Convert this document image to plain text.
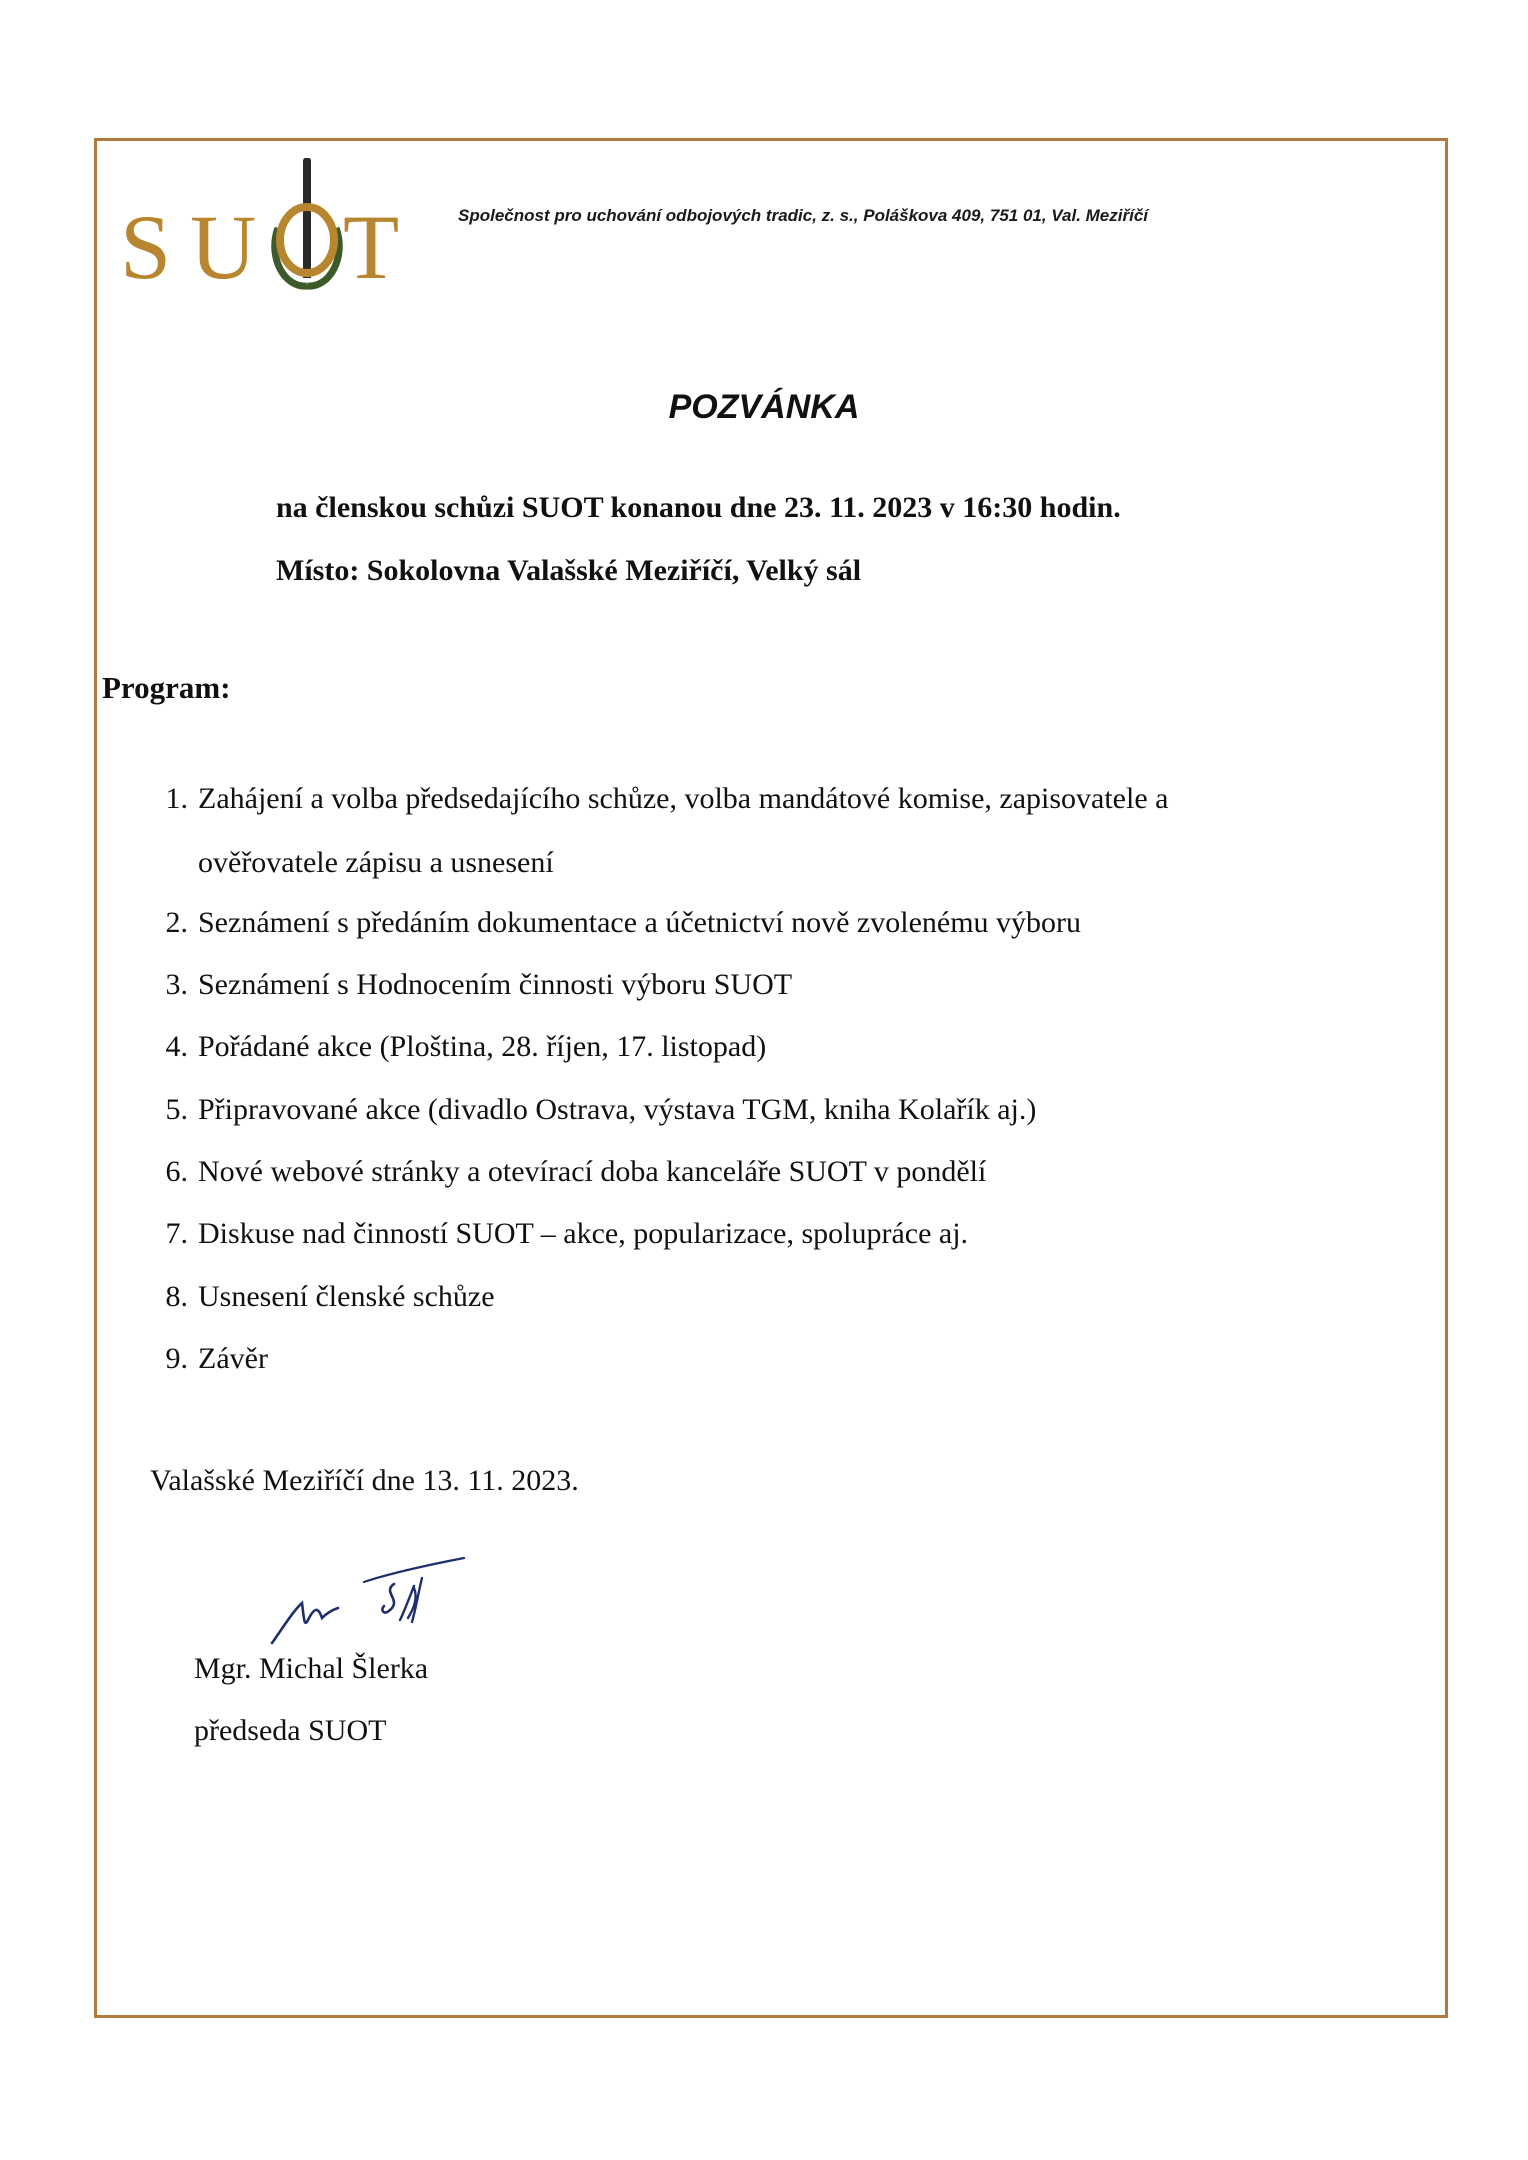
S U T	Společnost pro uchování odbojových tradic, z. s., Poláškova 409, 751 01, Val. Meziříčí
POZVÁNKA
na členskou schůzi SUOT konanou dne 23. 11. 2023 v 16:30 hodin.
Místo: Sokolovna Valašské Meziříčí, Velký sál
Program:
1. Zahájení a volba předsedajícího schůze, volba mandátové komise, zapisovatele a
ověřovatele zápisu a usnesení
2. Seznámení s předáním dokumentace a účetnictví nově zvolenému výboru
3. Seznámení s Hodnocením činnosti výboru SUOT
4. Pořádané akce (Ploština, 28. říjen, 17. listopad)
5. Připravované akce (divadlo Ostrava, výstava TGM, kniha Kolařík aj.)
6. Nové webové stránky a otevírací doba kanceláře SUOT v pondělí
7. Diskuse nad činností SUOT – akce, popularizace, spolupráce aj.
8. Usnesení členské schůze
9. Závěr
Valašské Meziříčí dne 13. 11. 2023.
Mgr. Michal Šlerka
předseda SUOT
